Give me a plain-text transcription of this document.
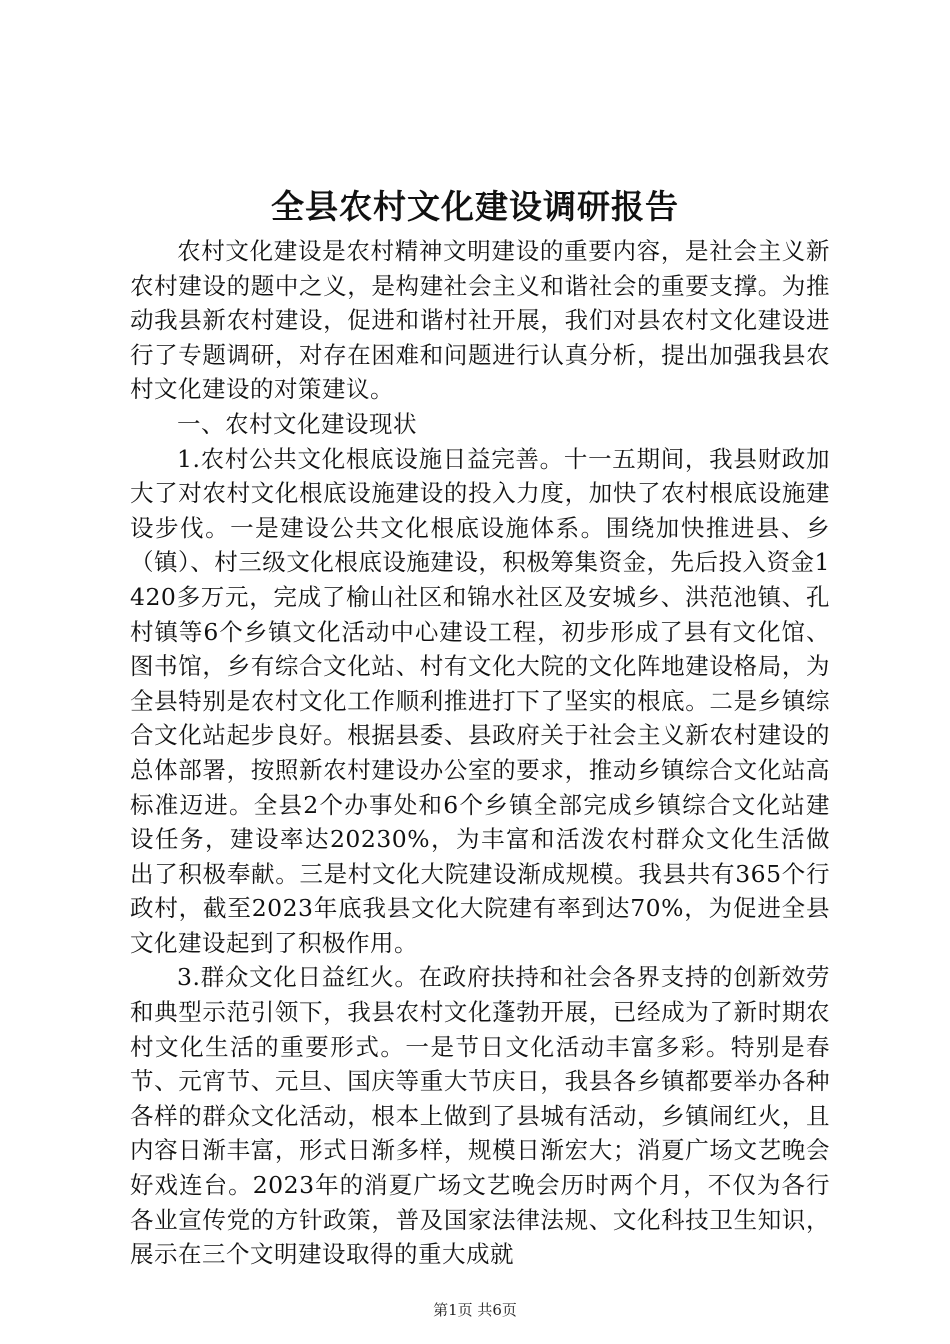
全县农村文化建设调研报告

农村文化建设是农村精神文明建设的重要内容，是社会主义新农村建设的题中之义，是构建社会主义和谐社会的重要支撑。为推动我县新农村建设，促进和谐村社开展，我们对县农村文化建设进行了专题调研，对存在困难和问题进行认真分析，提出加强我县农村文化建设的对策建议。

一、农村文化建设现状

1.农村公共文化根底设施日益完善。十一五期间，我县财政加大了对农村文化根底设施建设的投入力度，加快了农村根底设施建设步伐。一是建设公共文化根底设施体系。围绕加快推进县、乡（镇）、村三级文化根底设施建设，积极筹集资金，先后投入资金1420多万元，完成了榆山社区和锦水社区及安城乡、洪范池镇、孔村镇等6个乡镇文化活动中心建设工程，初步形成了县有文化馆、图书馆，乡有综合文化站、村有文化大院的文化阵地建设格局，为全县特别是农村文化工作顺利推进打下了坚实的根底。二是乡镇综合文化站起步良好。根据县委、县政府关于社会主义新农村建设的总体部署，按照新农村建设办公室的要求，推动乡镇综合文化站高标准迈进。全县2个办事处和6个乡镇全部完成乡镇综合文化站建设任务，建设率达20230%，为丰富和活泼农村群众文化生活做出了积极奉献。三是村文化大院建设渐成规模。我县共有365个行政村，截至2023年底我县文化大院建有率到达70%，为促进全县文化建设起到了积极作用。

3.群众文化日益红火。在政府扶持和社会各界支持的创新效劳和典型示范引领下，我县农村文化蓬勃开展，已经成为了新时期农村文化生活的重要形式。一是节日文化活动丰富多彩。特别是春节、元宵节、元旦、国庆等重大节庆日，我县各乡镇都要举办各种各样的群众文化活动，根本上做到了县城有活动，乡镇闹红火，且内容日渐丰富，形式日渐多样，规模日渐宏大；消夏广场文艺晚会好戏连台。2023年的消夏广场文艺晚会历时两个月，不仅为各行各业宣传党的方针政策，普及国家法律法规、文化科技卫生知识，展示在三个文明建设取得的重大成就

第1页 共6页
